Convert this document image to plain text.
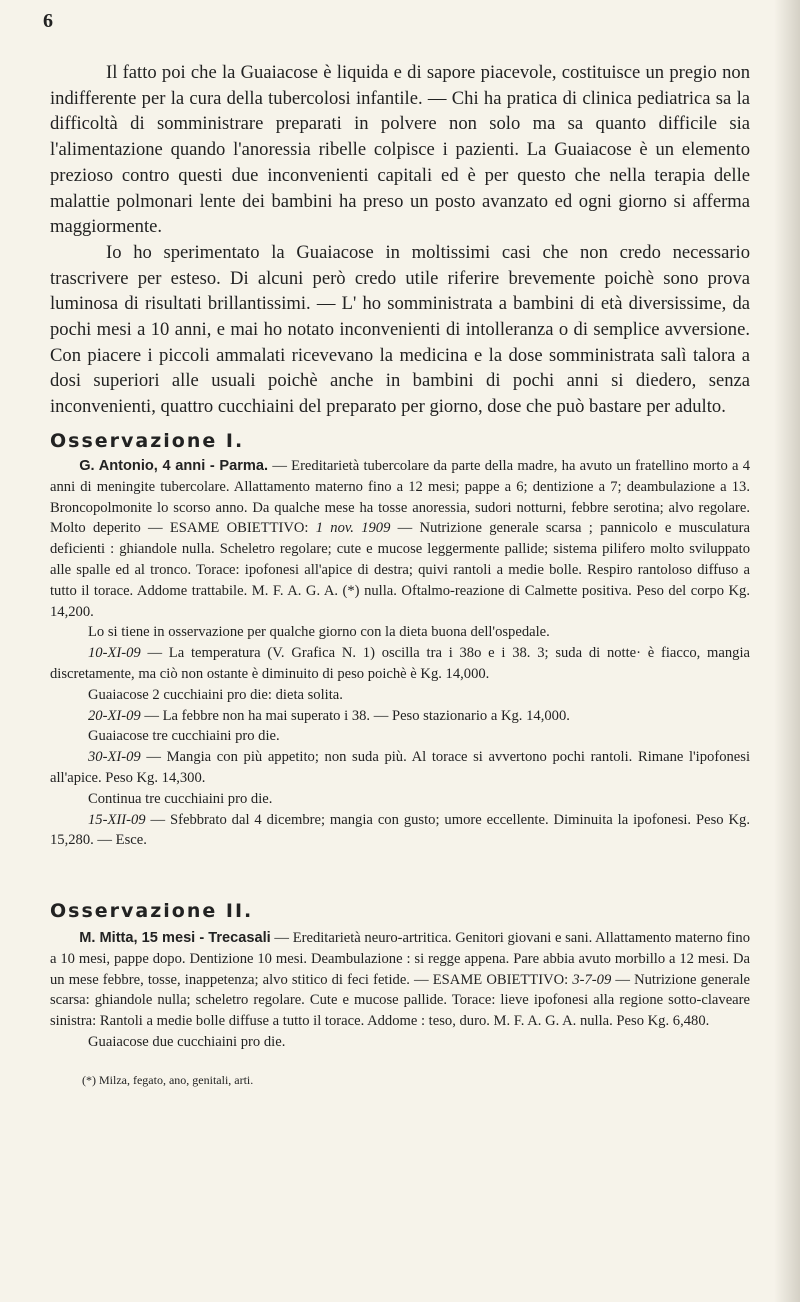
6

Il fatto poi che la Guaiacose è liquida e di sapore piacevole, costituisce un pregio non indifferente per la cura della tubercolosi infantile. — Chi ha pratica di clinica pediatrica sa la difficoltà di somministrare preparati in polvere non solo ma sa quanto difficile sia l'alimentazione quando l'anoressia ribelle colpisce i pazienti. La Guaiacose è un elemento prezioso contro questi due inconvenienti capitali ed è per questo che nella terapia delle malattie polmonari lente dei bambini ha preso un posto avanzato ed ogni giorno si afferma maggiormente.

Io ho sperimentato la Guaiacose in moltissimi casi che non credo necessario trascrivere per esteso. Di alcuni però credo utile riferire brevemente poichè sono prova luminosa di risultati brillantissimi. — L' ho somministrata a bambini di età diversissime, da pochi mesi a 10 anni, e mai ho notato inconvenienti di intolleranza o di semplice avversione. Con piacere i piccoli ammalati ricevevano la medicina e la dose somministrata salì talora a dosi superiori alle usuali poichè anche in bambini di pochi anni si diedero, senza inconvenienti, quattro cucchiaini del preparato per giorno, dose che può bastare per adulto.

Osservazione I.

  G. Antonio, 4 anni - Parma. — Ereditarietà tubercolare da parte della madre, ha avuto un fratellino morto a 4 anni di meningite tubercolare. Allattamento materno fino a 12 mesi; pappe a 6; dentizione a 7; deambulazione a 13. Broncopolmonite lo scorso anno. Da qualche mese ha tosse anoressia, sudori notturni, febbre serotina; alvo regolare. Molto deperito — ESAME OBIETTIVO: 1 nov. 1909 — Nutrizione generale scarsa ; pannicolo e musculatura deficienti : ghiandole nulla. Scheletro regolare; cute e mucose leggermente pallide; sistema pilifero molto sviluppato alle spalle ed al tronco. Torace: ipofonesi all'apice di destra; quivi rantoli a medie bolle. Respiro rantoloso diffuso a tutto il torace. Addome trattabile. M. F. A. G. A. (*) nulla. Oftalmo-reazione di Calmette positiva. Peso del corpo Kg. 14,200.

Lo si tiene in osservazione per qualche giorno con la dieta buona dell'ospedale.

10-XI-09 — La temperatura (V. Grafica N. 1) oscilla tra i 38o e i 38. 3; suda di notte· è fiacco, mangia discretamente, ma ciò non ostante è diminuito di peso poichè è Kg. 14,000.

Guaiacose 2 cucchiaini pro die: dieta solita.

20-XI-09 — La febbre non ha mai superato i 38. — Peso stazionario a Kg. 14,000.

Guaiacose tre cucchiaini pro die.

30-XI-09 — Mangia con più appetito; non suda più. Al torace si avvertono pochi rantoli. Rimane l'ipofonesi all'apice. Peso Kg. 14,300.

Continua tre cucchiaini pro die.

15-XII-09 — Sfebbrato dal 4 dicembre; mangia con gusto; umore eccellente. Diminuita la ipofonesi. Peso Kg. 15,280. — Esce.

Osservazione II.

  M. Mitta, 15 mesi - Trecasali — Ereditarietà neuro-artritica. Genitori giovani e sani. Allattamento materno fino a 10 mesi, pappe dopo. Dentizione 10 mesi. Deambulazione : si regge appena. Pare abbia avuto morbillo a 12 mesi. Da un mese febbre, tosse, inappetenza; alvo stitico di feci fetide. — ESAME OBIETTIVO: 3-7-09 — Nutrizione generale scarsa: ghiandole nulla; scheletro regolare. Cute e mucose pallide. Torace: lieve ipofonesi alla regione sotto-claveare sinistra: Rantoli a medie bolle diffuse a tutto il torace. Addome : teso, duro. M. F. A. G. A. nulla. Peso Kg. 6,480.

Guaiacose due cucchiaini pro die.

(*) Milza, fegato, ano, genitali, arti.
